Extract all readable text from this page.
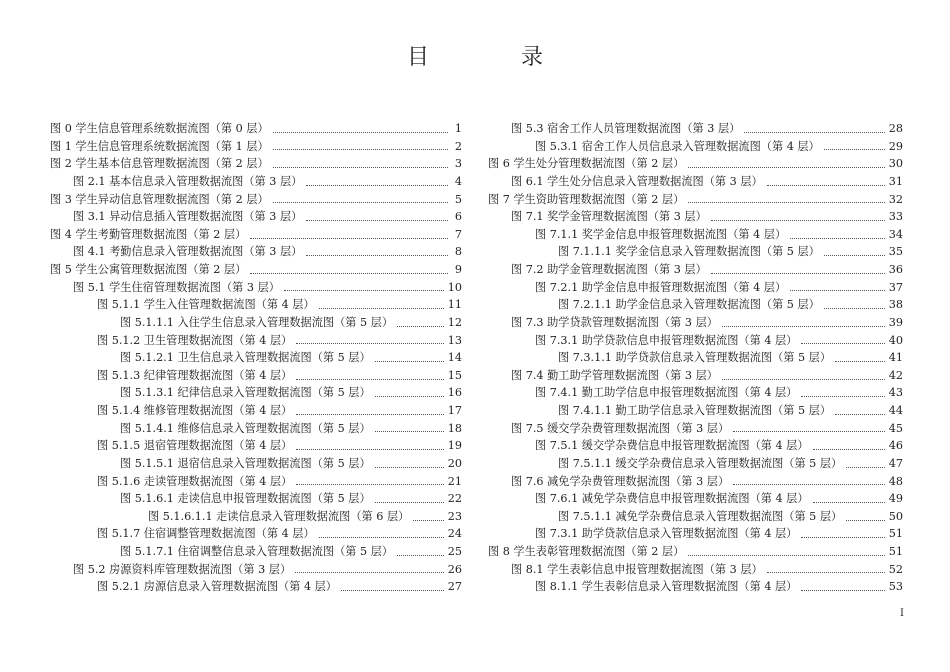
目	录
图 0 学生信息管理系统数据流图（第 0 层）	1
图 1 学生信息管理系统数据流图（第 1 层）	2
图 2 学生基本信息管理数据流图（第 2 层）	3
图 2.1 基本信息录入管理数据流图（第 3 层）	4
图 3 学生异动信息管理数据流图（第 2 层）	5
图 3.1 异动信息插入管理数据流图（第 3 层）	6
图 4 学生考勤管理数据流图（第 2 层）	7
图 4.1 考勤信息录入管理数据流图（第 3 层）	8
图 5 学生公寓管理数据流图（第 2 层）	9
图 5.1 学生住宿管理数据流图（第 3 层）	10
图 5.1.1 学生入住管理数据流图（第 4 层）	11
图 5.1.1.1 入住学生信息录入管理数据流图（第 5 层）	12
图 5.1.2 卫生管理数据流图（第 4 层）	13
图 5.1.2.1 卫生信息录入管理数据流图（第 5 层）	14
图 5.1.3 纪律管理数据流图（第 4 层）	15
图 5.1.3.1 纪律信息录入管理数据流图（第 5 层）	16
图 5.1.4 维修管理数据流图（第 4 层）	17
图 5.1.4.1 维修信息录入管理数据流图（第 5 层）	18
图 5.1.5 退宿管理数据流图（第 4 层）	19
图 5.1.5.1 退宿信息录入管理数据流图（第 5 层）	20
图 5.1.6 走读管理数据流图（第 4 层）	21
图 5.1.6.1 走读信息申报管理数据流图（第 5 层）	22
图 5.1.6.1.1 走读信息录入管理数据流图（第 6 层）	23
图 5.1.7 住宿调整管理数据流图（第 4 层）	24
图 5.1.7.1 住宿调整信息录入管理数据流图（第 5 层）	25
图 5.2 房源资料库管理数据流图（第 3 层）	26
图 5.2.1 房源信息录入管理数据流图（第 4 层）	27
图 5.3 宿舍工作人员管理数据流图（第 3 层）	28
图 5.3.1 宿舍工作人员信息录入管理数据流图（第 4 层）	29
图 6 学生处分管理数据流图（第 2 层）	30
图 6.1 学生处分信息录入管理数据流图（第 3 层）	31
图 7 学生资助管理数据流图（第 2 层）	32
图 7.1 奖学金管理数据流图（第 3 层）	33
图 7.1.1 奖学金信息申报管理数据流图（第 4 层）	34
图 7.1.1.1 奖学金信息录入管理数据流图（第 5 层）	35
图 7.2 助学金管理数据流图（第 3 层）	36
图 7.2.1 助学金信息申报管理数据流图（第 4 层）	37
图 7.2.1.1 助学金信息录入管理数据流图（第 5 层）	38
图 7.3 助学贷款管理数据流图（第 3 层）	39
图 7.3.1 助学贷款信息申报管理数据流图（第 4 层）	40
图 7.3.1.1 助学贷款信息录入管理数据流图（第 5 层）	41
图 7.4 勤工助学管理数据流图（第 3 层）	42
图 7.4.1 勤工助学信息申报管理数据流图（第 4 层）	43
图 7.4.1.1 勤工助学信息录入管理数据流图（第 5 层）	44
图 7.5 缓交学杂费管理数据流图（第 3 层）	45
图 7.5.1 缓交学杂费信息申报管理数据流图（第 4 层）	46
图 7.5.1.1 缓交学杂费信息录入管理数据流图（第 5 层）	47
图 7.6 减免学杂费管理数据流图（第 3 层）	48
图 7.6.1 减免学杂费信息申报管理数据流图（第 4 层）	49
图 7.5.1.1 减免学杂费信息录入管理数据流图（第 5 层）	50
图 7.3.1 助学贷款信息录入管理数据流图（第 4 层）	51
图 8 学生表彰管理数据流图（第 2 层）	51
图 8.1 学生表彰信息申报管理数据流图（第 3 层）	52
图 8.1.1 学生表彰信息录入管理数据流图（第 4 层）	53
I
